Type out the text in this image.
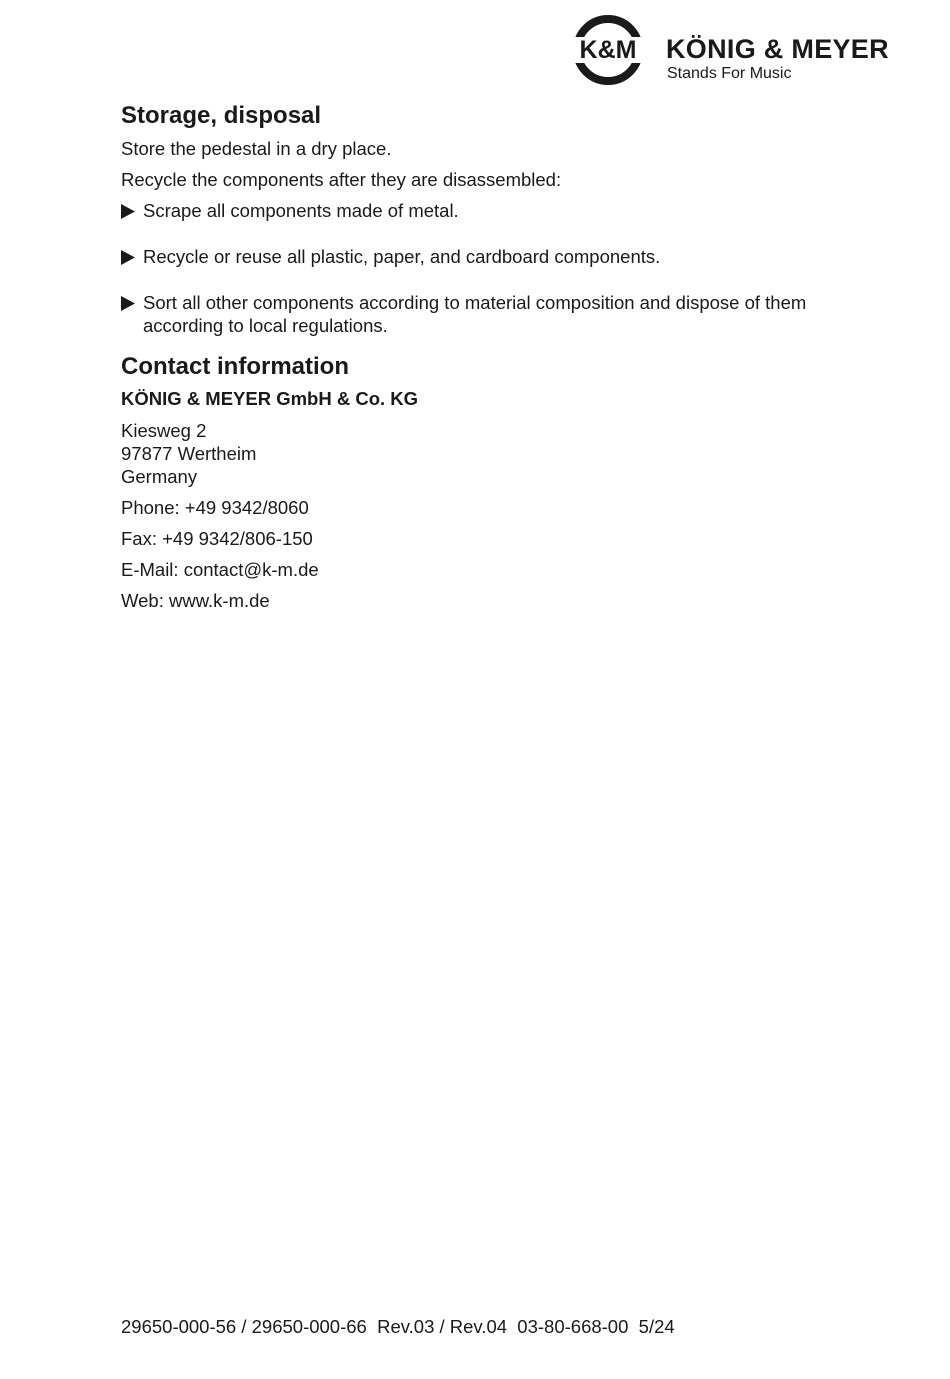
K&M KÖNIG & MEYER
Stands For Music
Storage, disposal

Store the pedestal in a dry place.

Recycle the components after they are disassembled:

Scrape all components made of metal.
Recycle or reuse all plastic, paper, and cardboard components.
Sort all other components according to material composition and dispose of them according to local regulations.
Contact information

KÖNIG & MEYER GmbH & Co. KG

Kiesweg 2

97877 Wertheim

Germany

Phone: +49 9342/8060

Fax: +49 9342/806-150

E-Mail: contact@k-m.de

Web: www.k-m.de

29650-000-56 / 29650-000-66  Rev.03 / Rev.04  03-80-668-00  5/24
